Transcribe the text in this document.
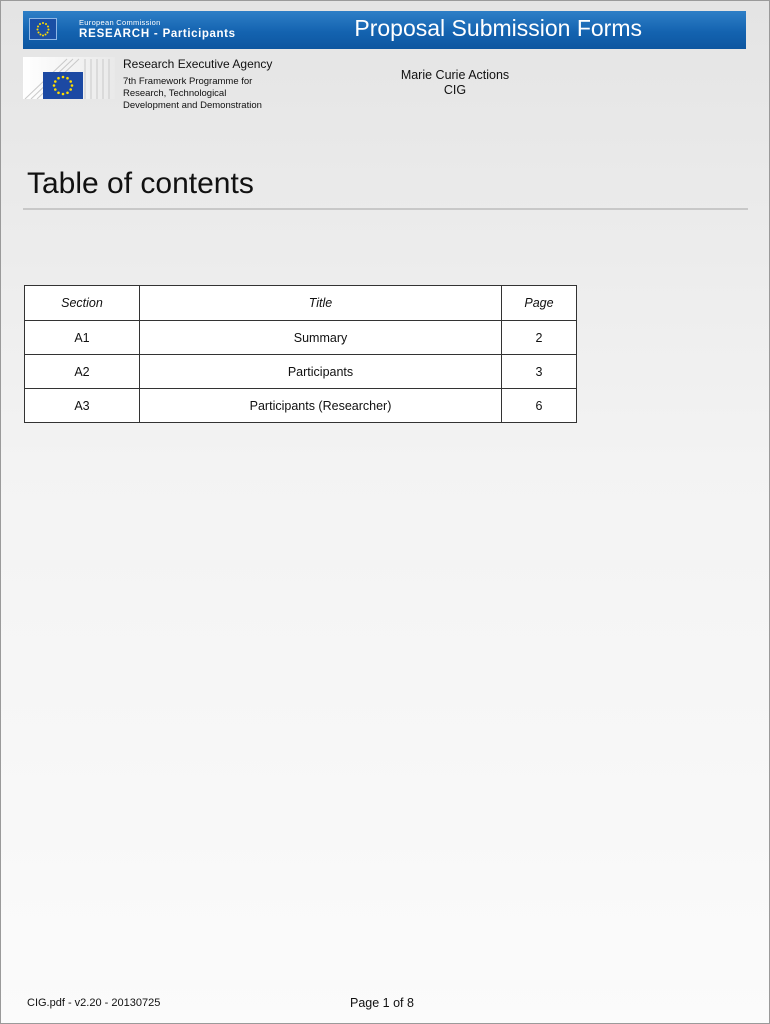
European Commission
RESEARCH - Participants	Proposal Submission Forms
Research Executive Agency
7th Framework Programme for
Research, Technological
Development and Demonstration
Marie Curie Actions
CIG
Table of contents
Section	Title	Page
A1	Summary	2
A2	Participants	3
A3	Participants (Researcher)	6
CIG.pdf - v2.20 - 20130725	Page 1 of 8
